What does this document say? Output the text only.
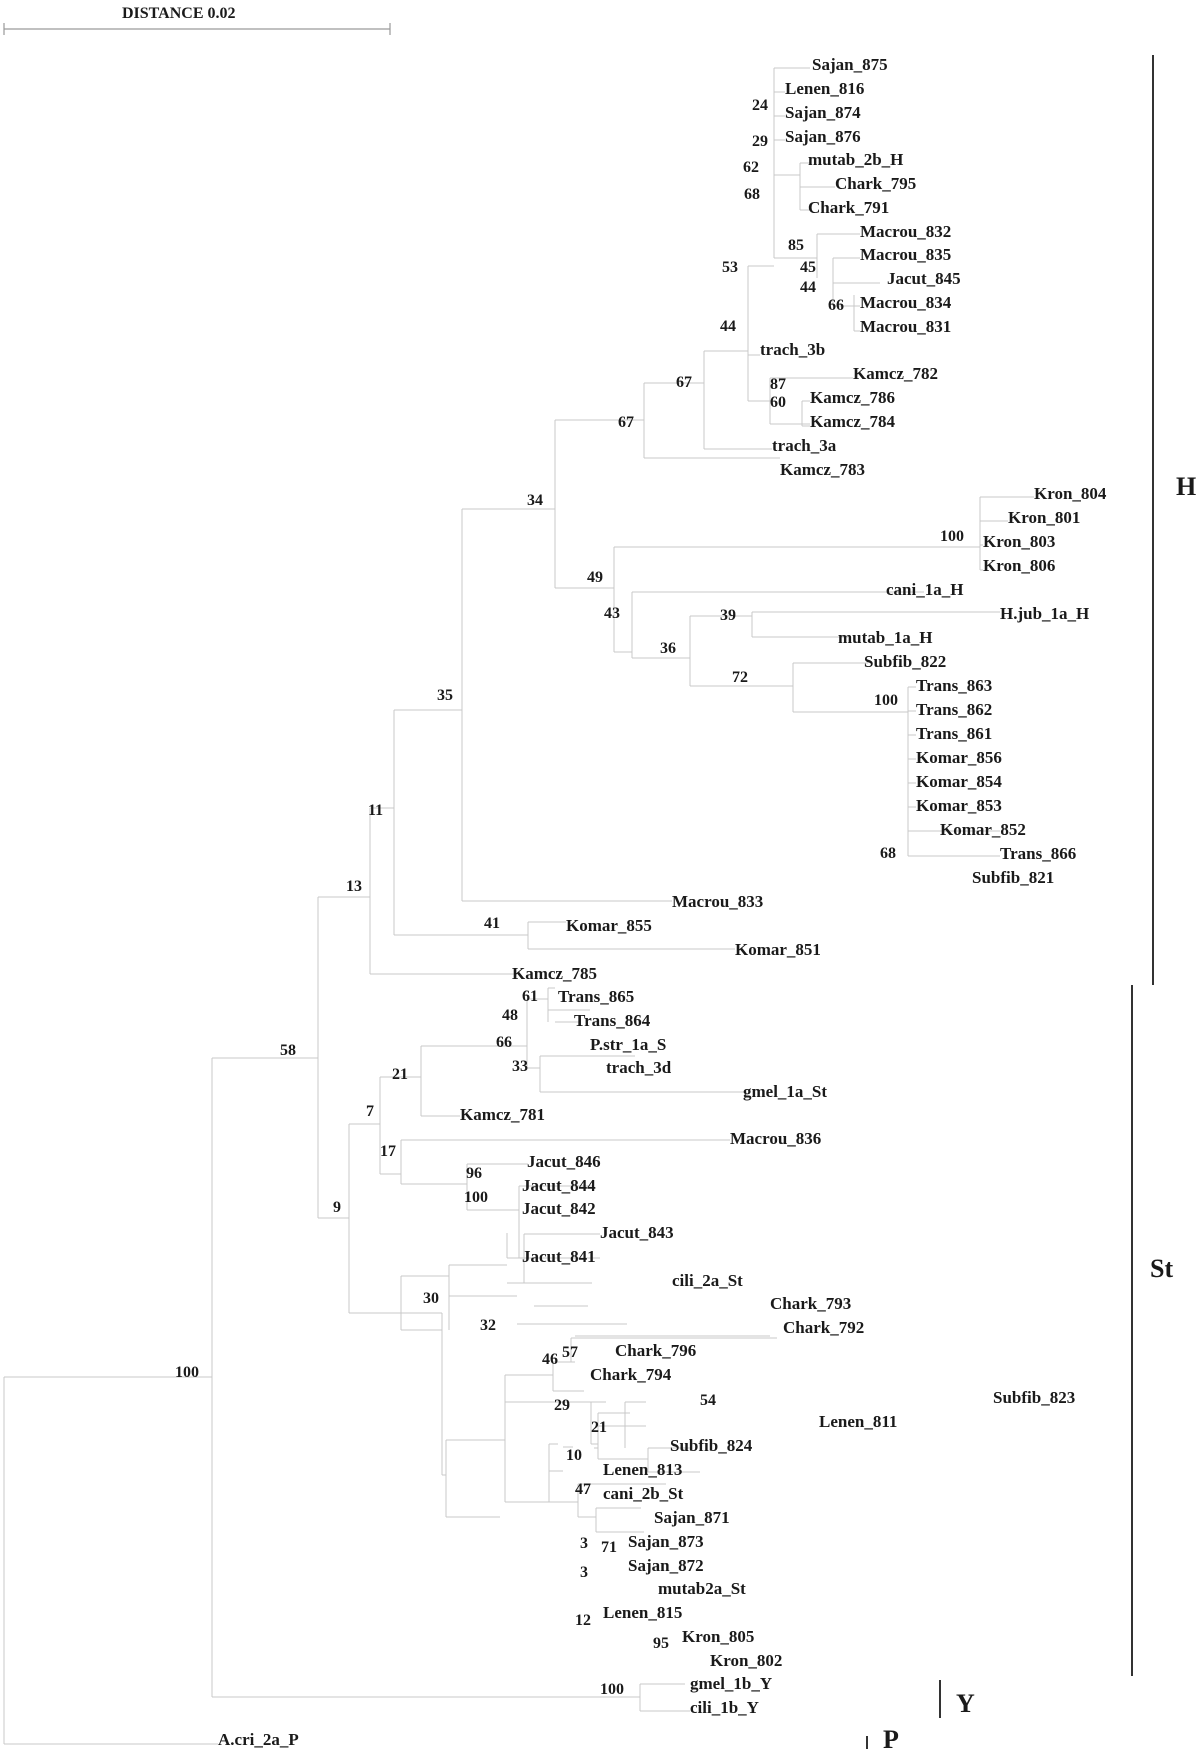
DISTANCE 0.02
Sajan_875
Lenen_816
Sajan_874
Sajan_876
mutab_2b_H
Chark_795
Chark_791
Macrou_832
Macrou_835
Jacut_845
Macrou_834
Macrou_831
trach_3b
Kamcz_782
Kamcz_786
Kamcz_784
trach_3a
Kamcz_783
Kron_804
Kron_801
Kron_803
Kron_806
cani_1a_H
H.jub_1a_H
mutab_1a_H
Subfib_822
Trans_863
Trans_862
Trans_861
Komar_856
Komar_854
Komar_853
Komar_852
Trans_866
Subfib_821
Macrou_833
Komar_855
Komar_851
Kamcz_785
Trans_865
Trans_864
P.str_1a_S
trach_3d
gmel_1a_St
Kamcz_781
Macrou_836
Jacut_846
Jacut_844
Jacut_842
Jacut_843
Jacut_841
cili_2a_St
Chark_793
Chark_792
Chark_796
Chark_794
Subfib_823
Lenen_811
Subfib_824
Lenen_813
cani_2b_St
Sajan_871
Sajan_873
Sajan_872
mutab2a_St
Lenen_815
Kron_805
Kron_802
gmel_1b_Y
cili_1b_Y
A.cri_2a_P
24
29
62
68
85
45
44
66
53
44
87
60
67
67
34
100
49
43	39
36
72
100
68
35
11
13
41
61
48
66
33
21
7
17
96
100
9
30
32
57
46
54
29
21
10
47
3 71
3
12
95
58
100
100
H
St
Y
P
